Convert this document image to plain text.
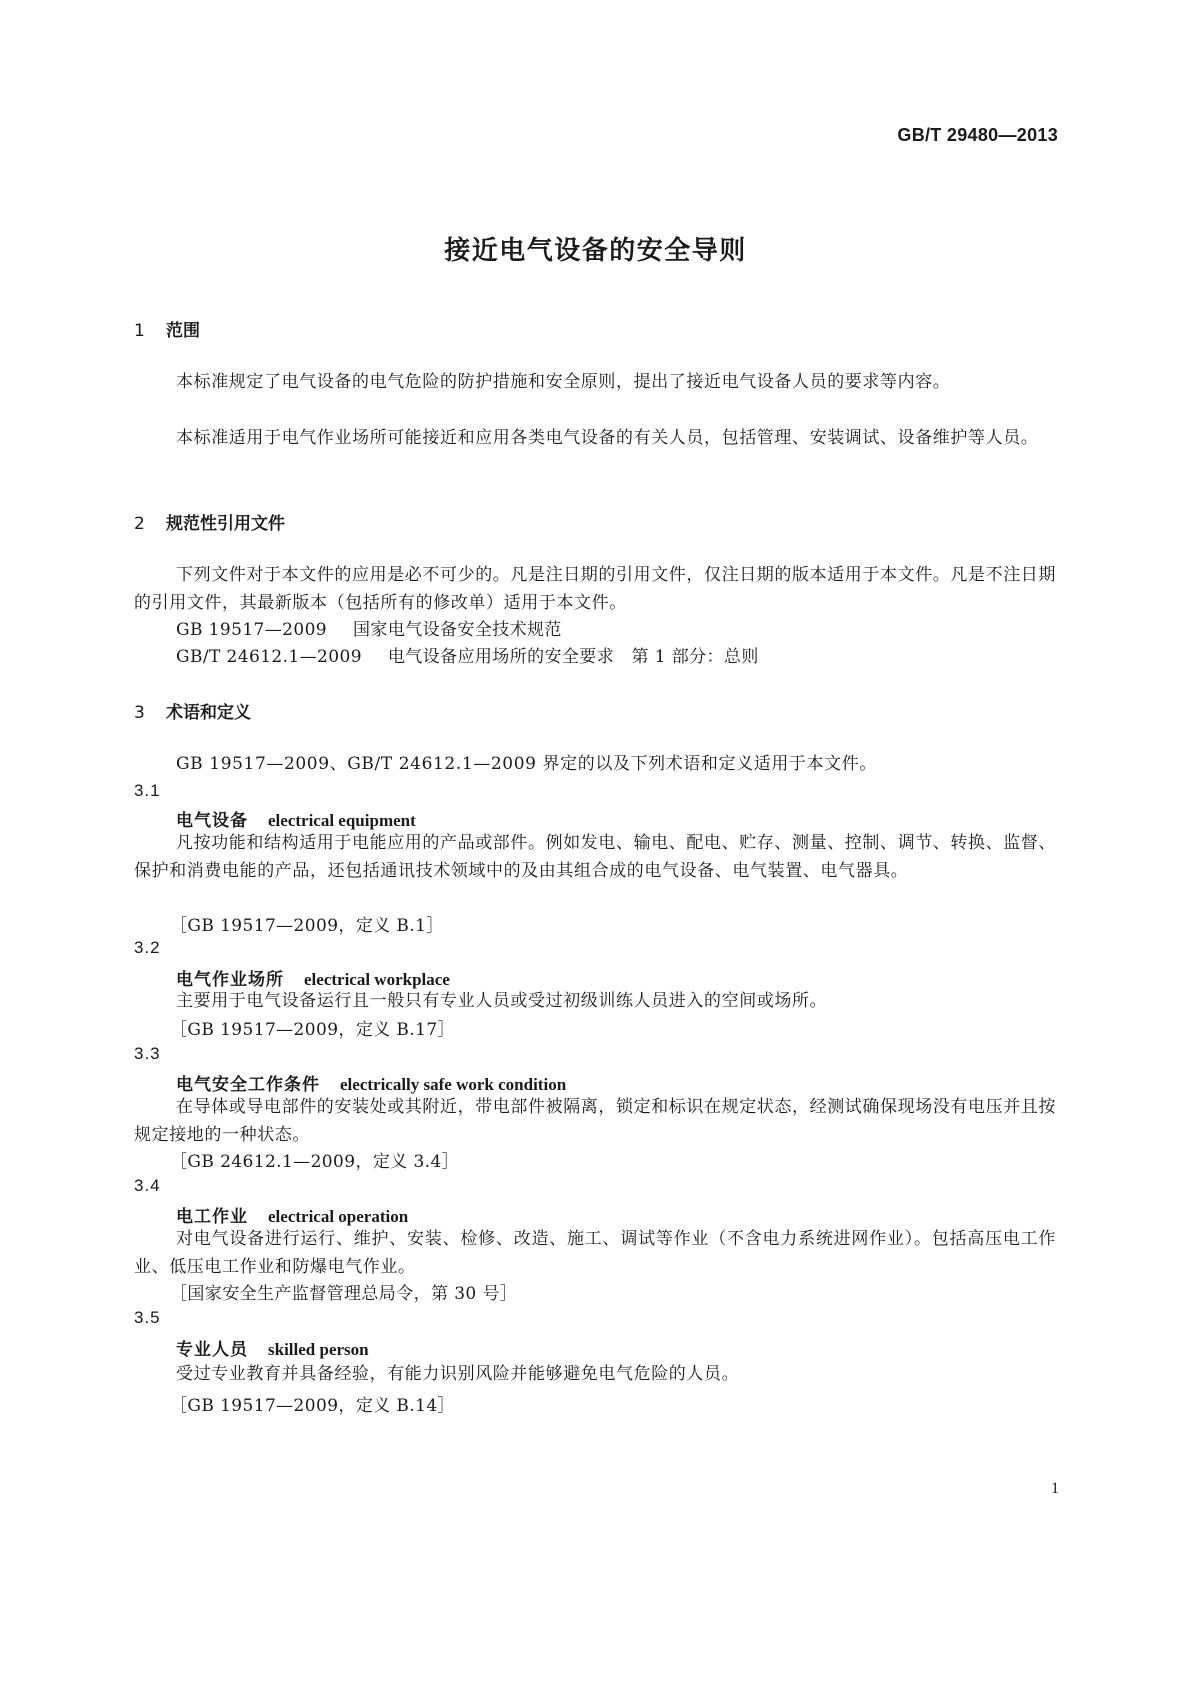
GB/T 29480—2013
接近电气设备的安全导则
1 范围
本标准规定了电气设备的电气危险的防护措施和安全原则，提出了接近电气设备人员的要求等内容。
本标准适用于电气作业场所可能接近和应用各类电气设备的有关人员，包括管理、安装调试、设备维护等人员。
2 规范性引用文件
下列文件对于本文件的应用是必不可少的。凡是注日期的引用文件，仅注日期的版本适用于本文件。凡是不注日期的引用文件，其最新版本（包括所有的修改单）适用于本文件。
GB 19517—2009 国家电气设备安全技术规范
GB/T 24612.1—2009 电气设备应用场所的安全要求　第 1 部分：总则
3 术语和定义
GB 19517—2009、GB/T 24612.1—2009 界定的以及下列术语和定义适用于本文件。
3.1
电气设备 electrical equipment
凡按功能和结构适用于电能应用的产品或部件。例如发电、输电、配电、贮存、测量、控制、调节、转换、监督、保护和消费电能的产品，还包括通讯技术领域中的及由其组合成的电气设备、电气装置、电气器具。
［GB 19517—2009，定义 B.1］
3.2
电气作业场所 electrical workplace
主要用于电气设备运行且一般只有专业人员或受过初级训练人员进入的空间或场所。
［GB 19517—2009，定义 B.17］
3.3
电气安全工作条件 electrically safe work condition
在导体或导电部件的安装处或其附近，带电部件被隔离，锁定和标识在规定状态，经测试确保现场没有电压并且按规定接地的一种状态。
［GB 24612.1—2009，定义 3.4］
3.4
电工作业 electrical operation
对电气设备进行运行、维护、安装、检修、改造、施工、调试等作业（不含电力系统进网作业）。包括高压电工作业、低压电工作业和防爆电气作业。
［国家安全生产监督管理总局令，第 30 号］
3.5
专业人员 skilled person
受过专业教育并具备经验，有能力识别风险并能够避免电气危险的人员。
［GB 19517—2009，定义 B.14］
1
